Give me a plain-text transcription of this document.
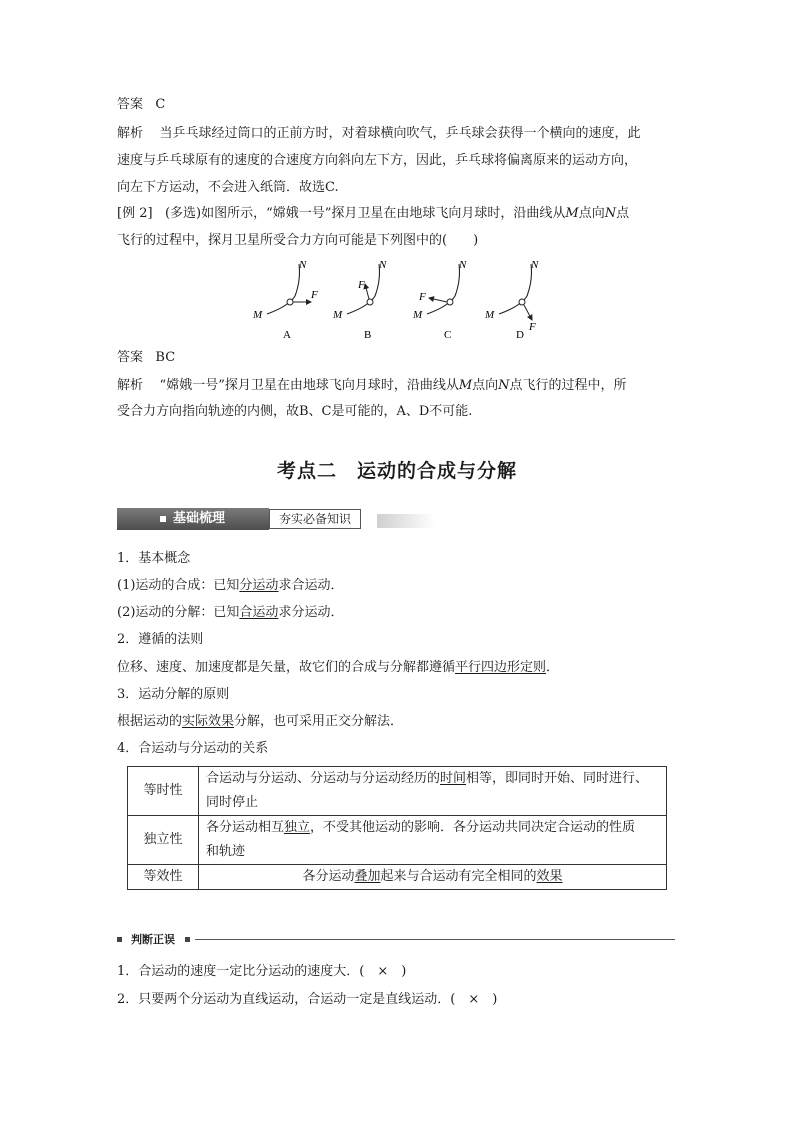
答案 C
解析 当乒乓球经过筒口的正前方时，对着球横向吹气，乒乓球会获得一个横向的速度，此
速度与乒乓球原有的速度的合速度方向斜向左下方，因此，乒乓球将偏离原来的运动方向，
向左下方运动，不会进入纸筒．故选C.
[例 2] (多选)如图所示，“嫦娥一号”探月卫星在由地球飞向月球时，沿曲线从M点向N点
飞行的过程中，探月卫星所受合力方向可能是下列图中的(　　)
N
M
F
A
N
M
F
B
N
M
F
C
N
M
F
D
答案 BC
解析 “嫦娥一号”探月卫星在由地球飞向月球时，沿曲线从M点向N点飞行的过程中，所
受合力方向指向轨迹的内侧，故B、C是可能的，A、D不可能.
考点二　运动的合成与分解
基础梳理	夯实必备知识
1．基本概念
(1)运动的合成：已知分运动求合运动．
(2)运动的分解：已知合运动求分运动．
2．遵循的法则
位移、速度、加速度都是矢量，故它们的合成与分解都遵循平行四边形定则．
3．运动分解的原则
根据运动的实际效果分解，也可采用正交分解法．
4．合运动与分运动的关系
等时性	合运动与分运动、分运动与分运动经历的时间相等，即同时开始、同时进行、
同时停止
独立性	各分运动相互独立，不受其他运动的影响．各分运动共同决定合运动的性质
和轨迹
等效性	各分运动叠加起来与合运动有完全相同的效果
判断正误
1．合运动的速度一定比分运动的速度大．(　×　)
2．只要两个分运动为直线运动，合运动一定是直线运动．(　×　)
